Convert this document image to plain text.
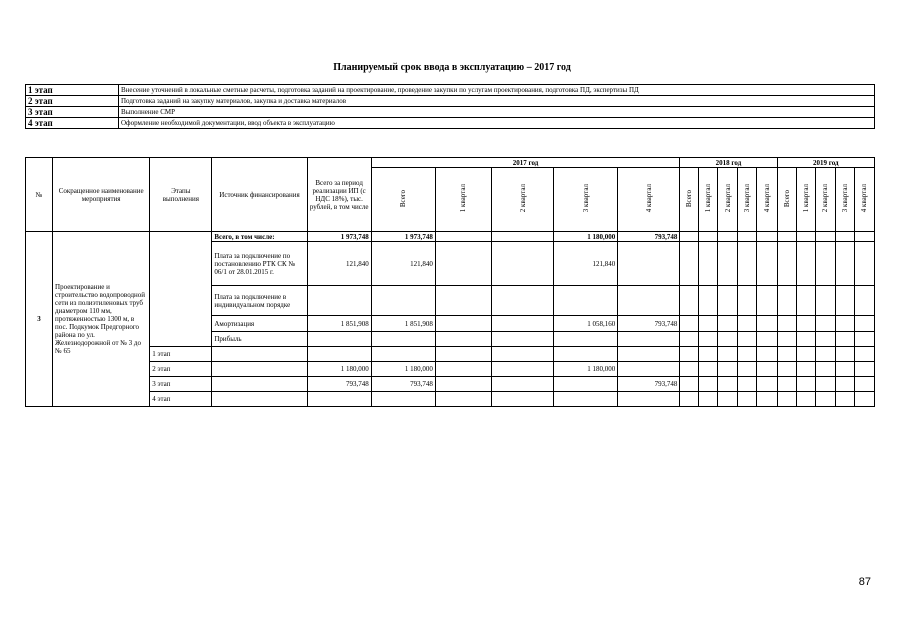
Планируемый срок ввода в эксплуатацию – 2017 год
1 этап	Внесение уточнений в локальные сметные расчеты, подготовка заданий на проектирование, проведение закупки по услугам проектирования, подготовка ПД, экспертизы ПД
2 этап	Подготовка заданий на закупку материалов, закупка и доставка материалов
3 этап	Выполнение СМР
4 этап	Оформление необходимой документации, ввод объекта в эксплуатацию
№	Сокращенное наименование мероприятия	Этапы выполнения	Источник финансирования	Всего за период реализации ИП (с НДС 18%), тыс. рублей, в том числе	2017 год					2018 год					2019 год				
					Всего	1 квартал	2 квартал	3 квартал	4 квартал	Всего	1 квартал	2 квартал	3 квартал	4 квартал	Всего	1 квартал	2 квартал	3 квартал	4 квартал
3	Проектирование и строительство водопроводной сети из полиэтиленовых труб диаметром 110 мм, протяженностью 1300 м, в пос. Подкумок Предгорного района по ул. Железнодорожной от № 3 до № 65		Всего, в том числе:	1 973,748	1 973,748			1 180,000	793,748										
			Плата за подключение по постановлению РТК СК № 06/1 от 28.01.2015 г.	121,840	121,840			121,840											
			Плата за подключение в индивидуальном порядке																
			Амортизация	1 851,908	1 851,908			1 058,160	793,748										
			Прибыль																
		1 этап																	
		2 этап		1 180,000	1 180,000			1 180,000											
		3 этап		793,748	793,748				793,748										
		4 этап																	
87
